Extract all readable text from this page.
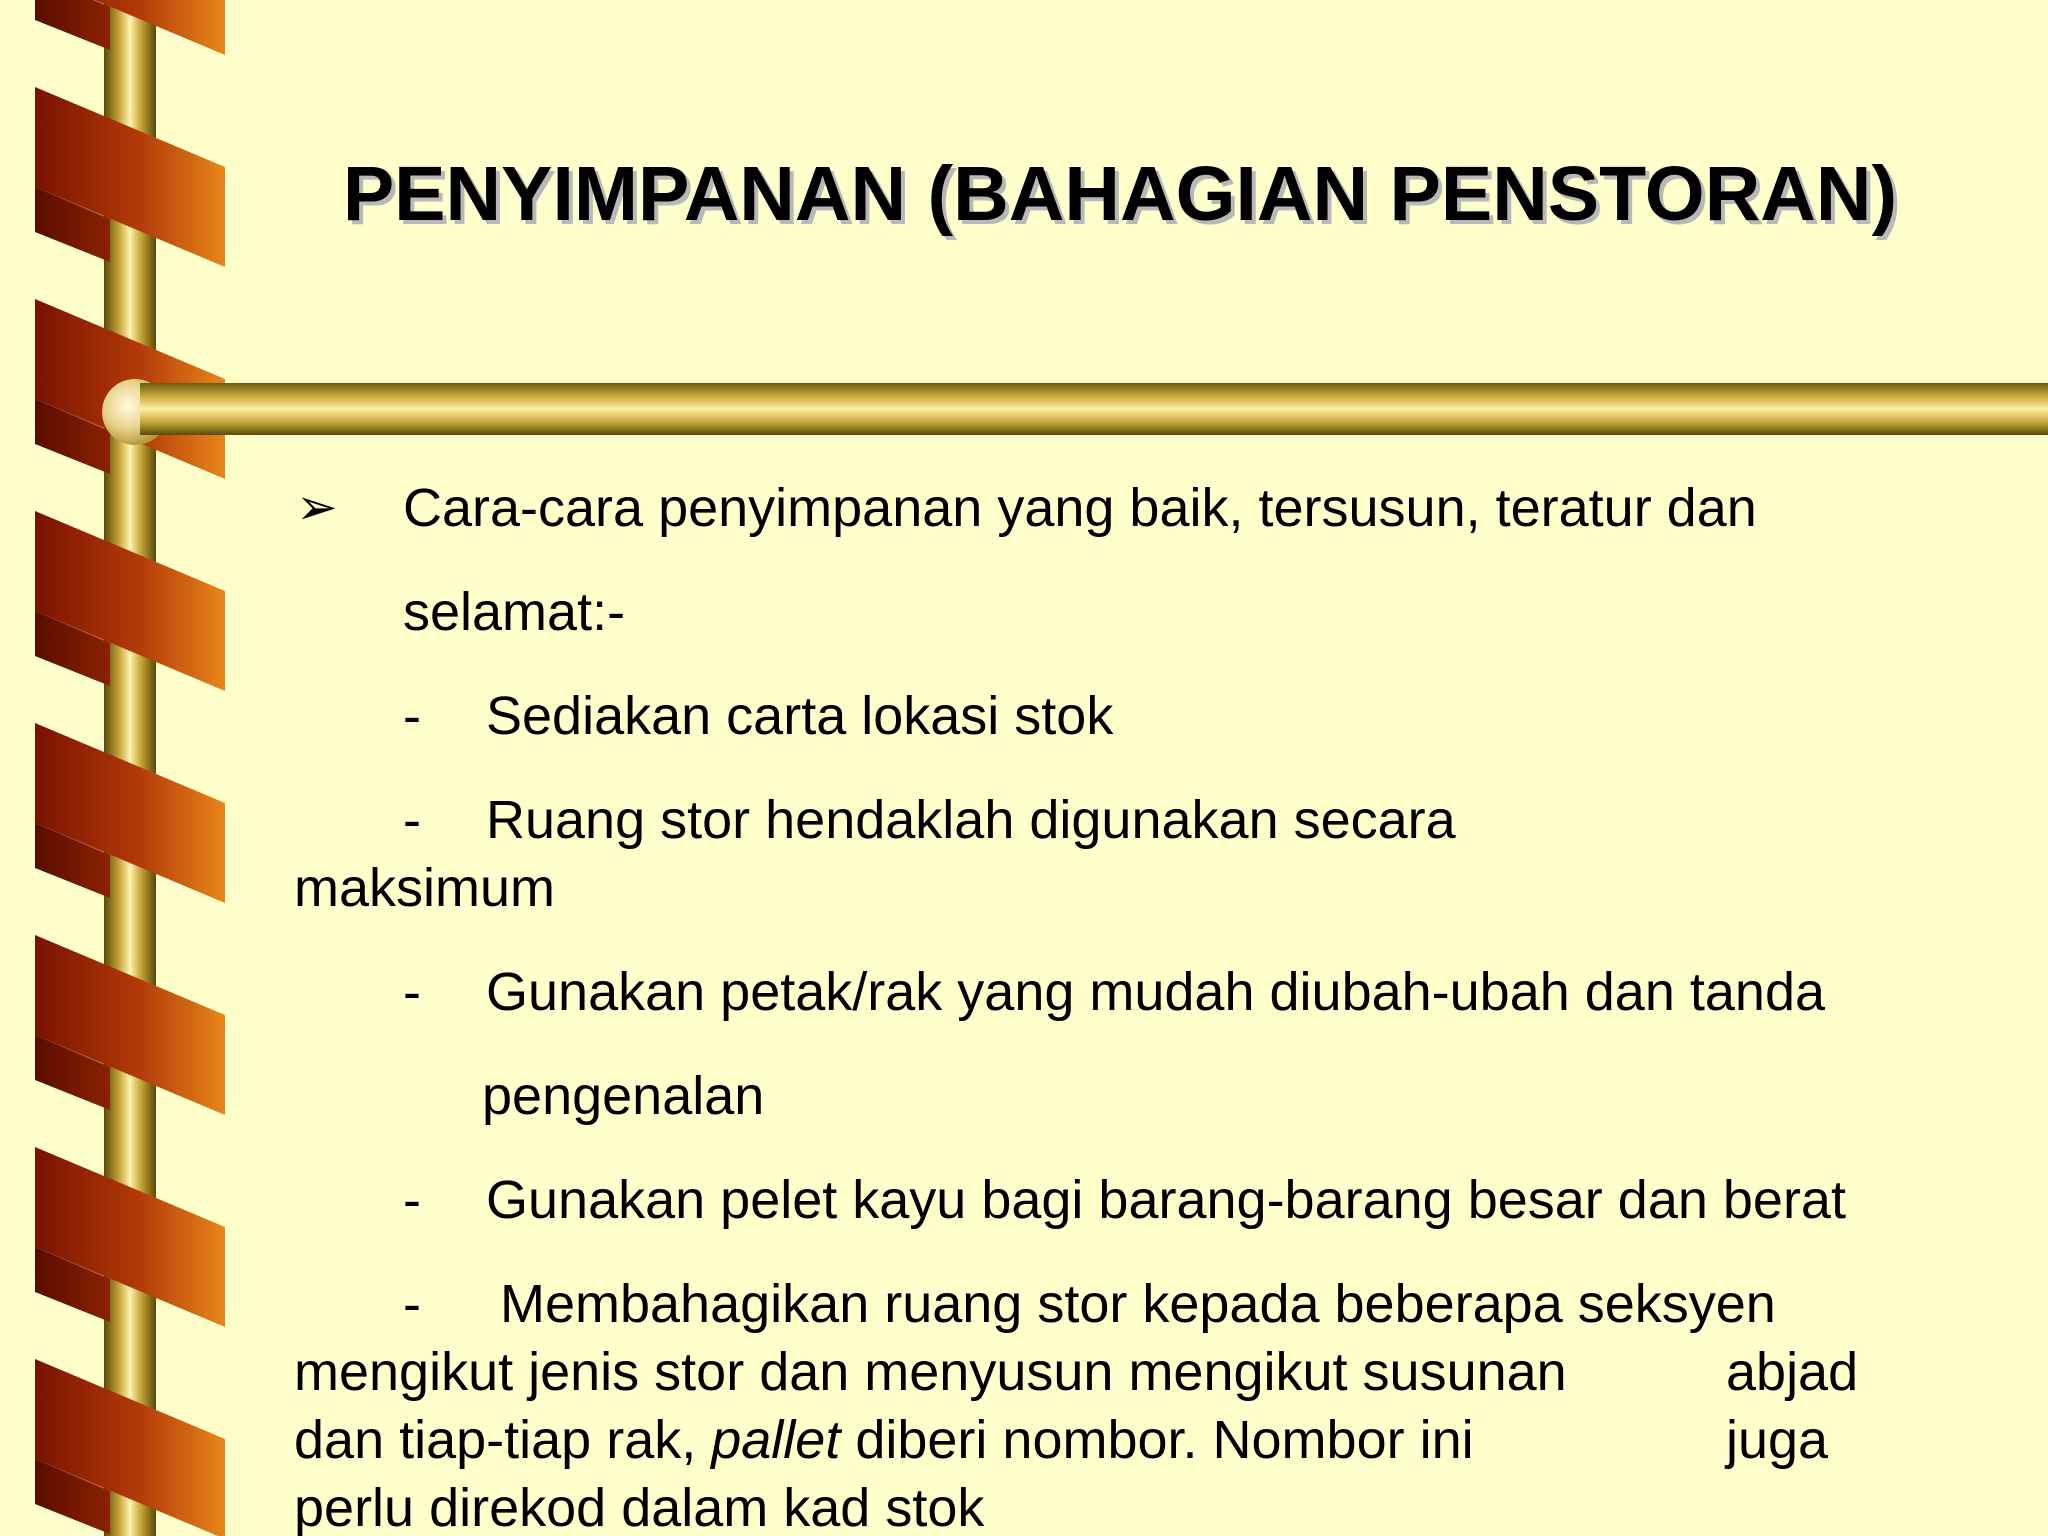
PENYIMPANAN (BAHAGIAN PENSTORAN)
➢ Cara-cara penyimpanan yang baik, tersusun, teratur dan
selamat:-
- Sediakan carta lokasi stok
- Ruang stor hendaklah digunakan secara
maksimum
- Gunakan petak/rak yang mudah diubah-ubah dan tanda
pengenalan
- Gunakan pelet kayu bagi barang-barang besar dan berat
- Membahagikan ruang stor kepada beberapa seksyen
mengikut jenis stor dan menyusun mengikut susunan	abjad
dan tiap-tiap rak, pallet diberi nombor. Nombor ini	juga
perlu direkod dalam kad stok
